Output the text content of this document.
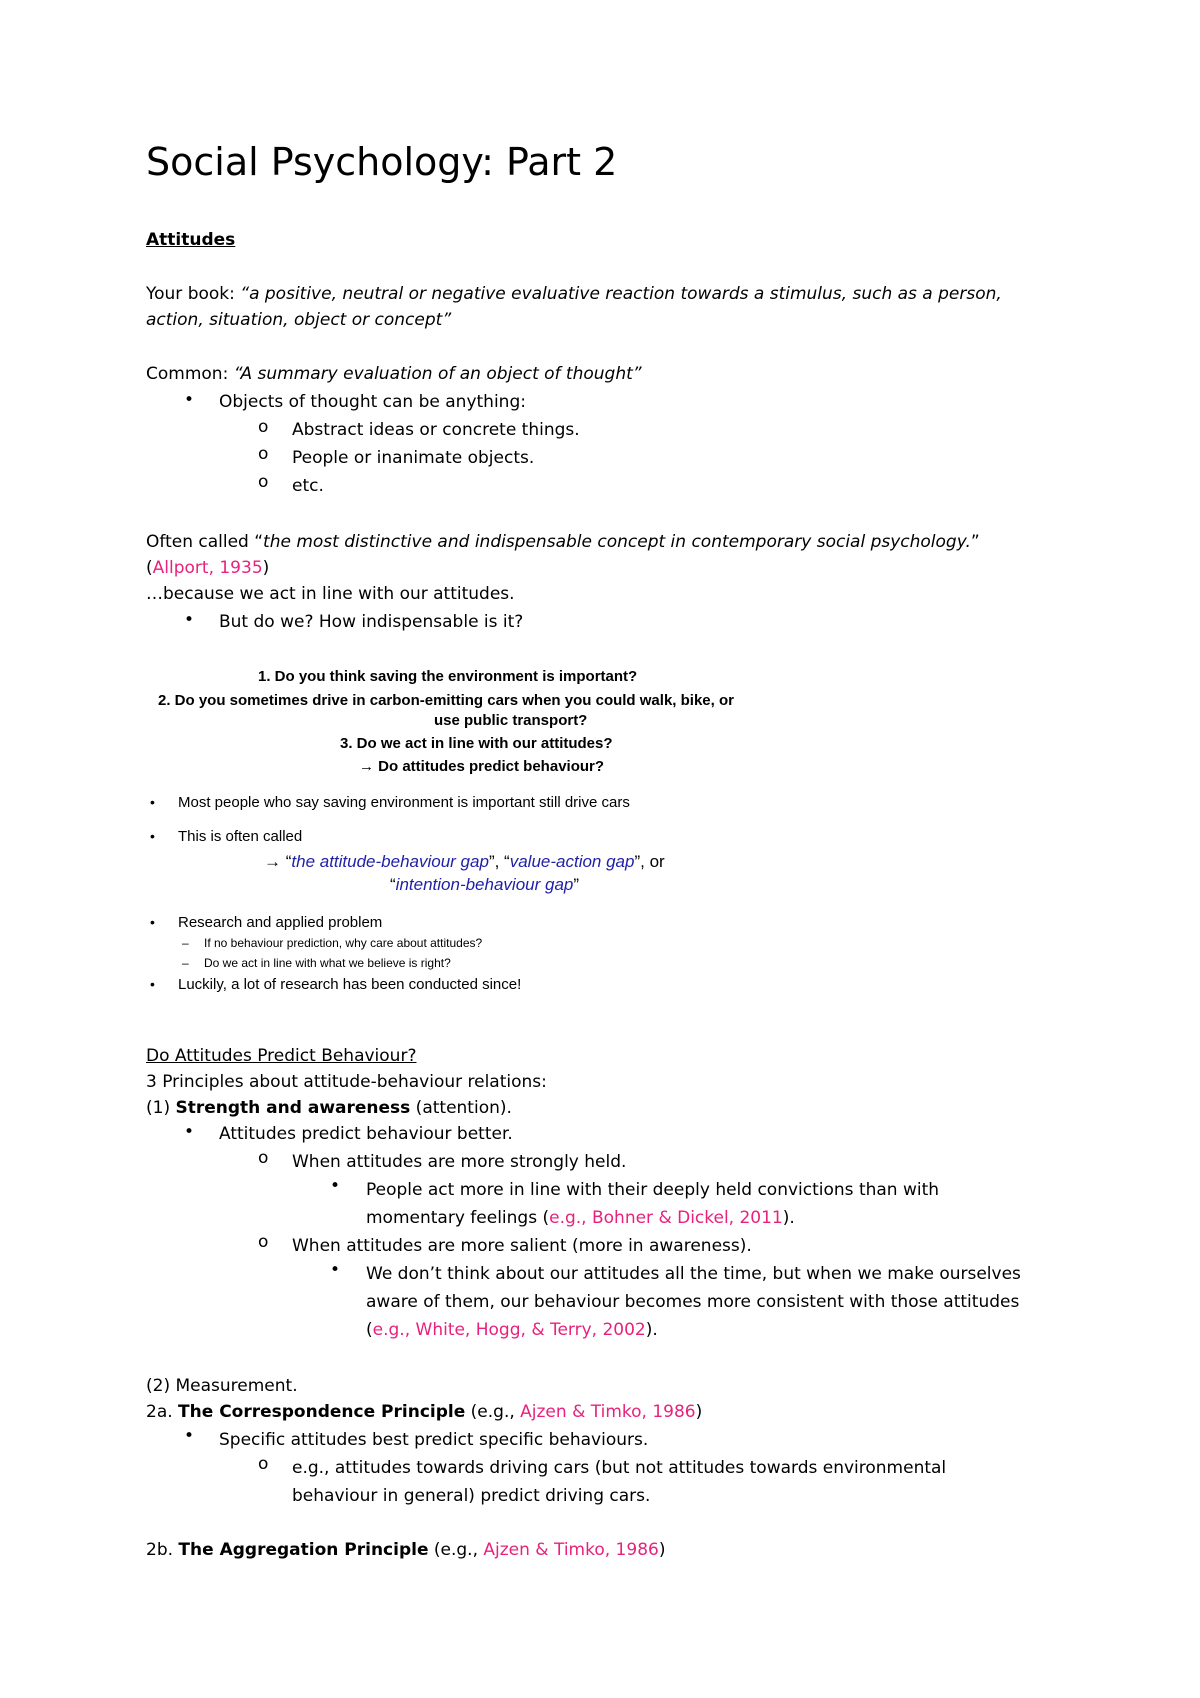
Social Psychology: Part 2
Attitudes
Your book: “a positive, neutral or negative evaluative reaction towards a stimulus, such as a person,
action, situation, object or concept”
Common: “A summary evaluation of an object of thought”
• Objects of thought can be anything:
o Abstract ideas or concrete things.
o People or inanimate objects.
o etc.
Often called “the most distinctive and indispensable concept in contemporary social psychology.”
(Allport, 1935)
…because we act in line with our attitudes.
• But do we? How indispensable is it?
1. Do you think saving the environment is important?
2. Do you sometimes drive in carbon-emitting cars when you could walk, bike, or
use public transport?
3. Do we act in line with our attitudes?
→ Do attitudes predict behaviour?
• Most people who say saving environment is important still drive cars
• This is often called
→ “the attitude-behaviour gap”, “value-action gap”, or
“intention-behaviour gap”
• Research and applied problem
– If no behaviour prediction, why care about attitudes?
– Do we act in line with what we believe is right?
• Luckily, a lot of research has been conducted since!
Do Attitudes Predict Behaviour?
3 Principles about attitude-behaviour relations:
(1) Strength and awareness (attention).
• Attitudes predict behaviour better.
o When attitudes are more strongly held.
• People act more in line with their deeply held convictions than with
momentary feelings (e.g., Bohner & Dickel, 2011).
o When attitudes are more salient (more in awareness).
• We don’t think about our attitudes all the time, but when we make ourselves
aware of them, our behaviour becomes more consistent with those attitudes
(e.g., White, Hogg, & Terry, 2002).
(2) Measurement.
2a. The Correspondence Principle (e.g., Ajzen & Timko, 1986)
• Specific attitudes best predict specific behaviours.
o e.g., attitudes towards driving cars (but not attitudes towards environmental
behaviour in general) predict driving cars.
2b. The Aggregation Principle (e.g., Ajzen & Timko, 1986)
